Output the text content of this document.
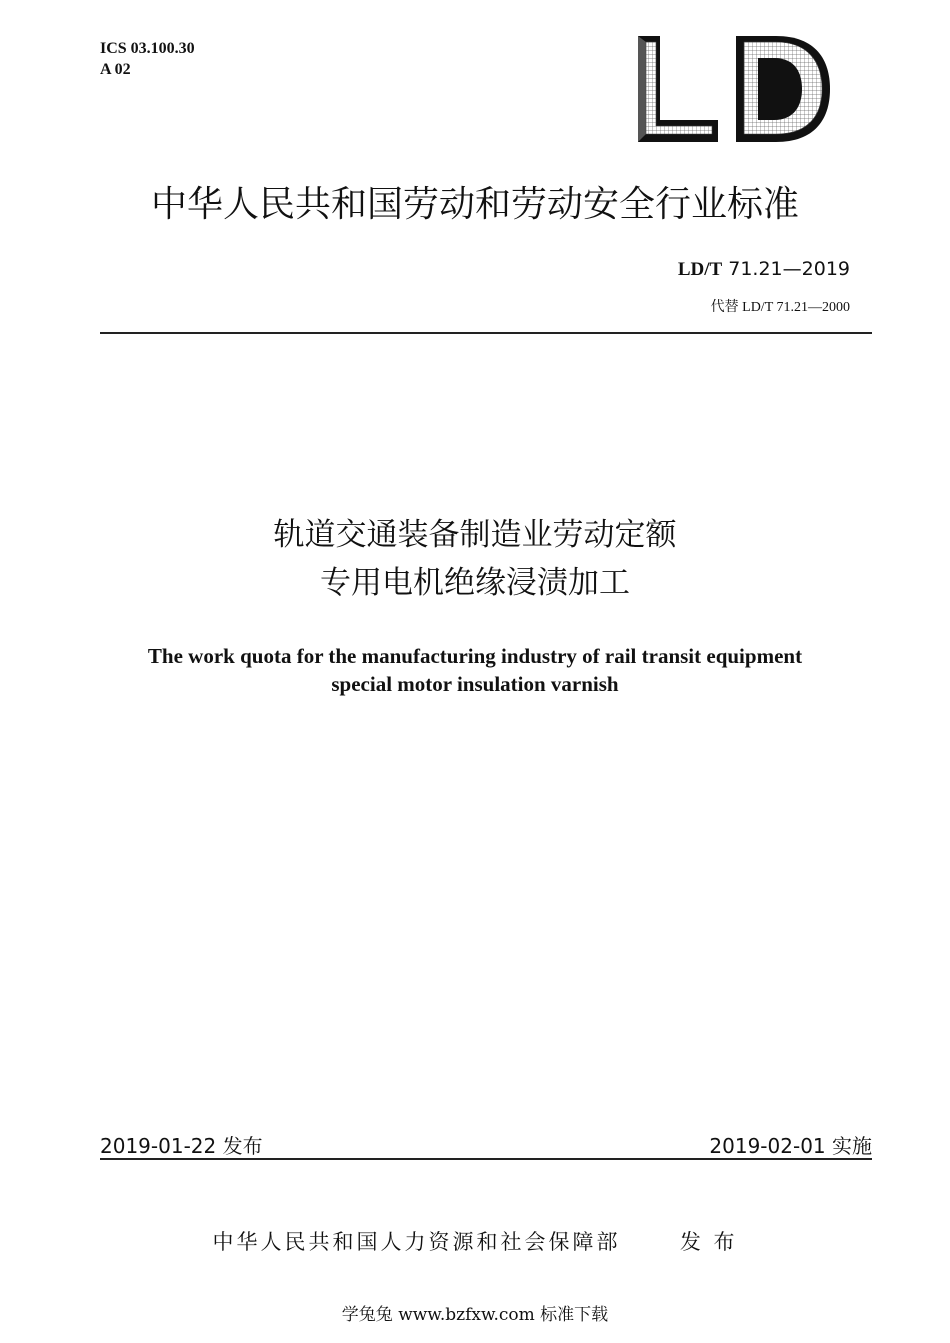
ICS 03.100.30
A 02
中华人民共和国劳动和劳动安全行业标准
LD/T 71.21—2019
代替 LD/T 71.21—2000
轨道交通装备制造业劳动定额
专用电机绝缘浸渍加工
The work quota for the manufacturing industry of rail transit equipment
special motor insulation varnish
2019-01-22 发布	2019-02-01 实施
中华人民共和国人力资源和社会保障部	发 布
学兔兔 www.bzfxw.com 标准下载
